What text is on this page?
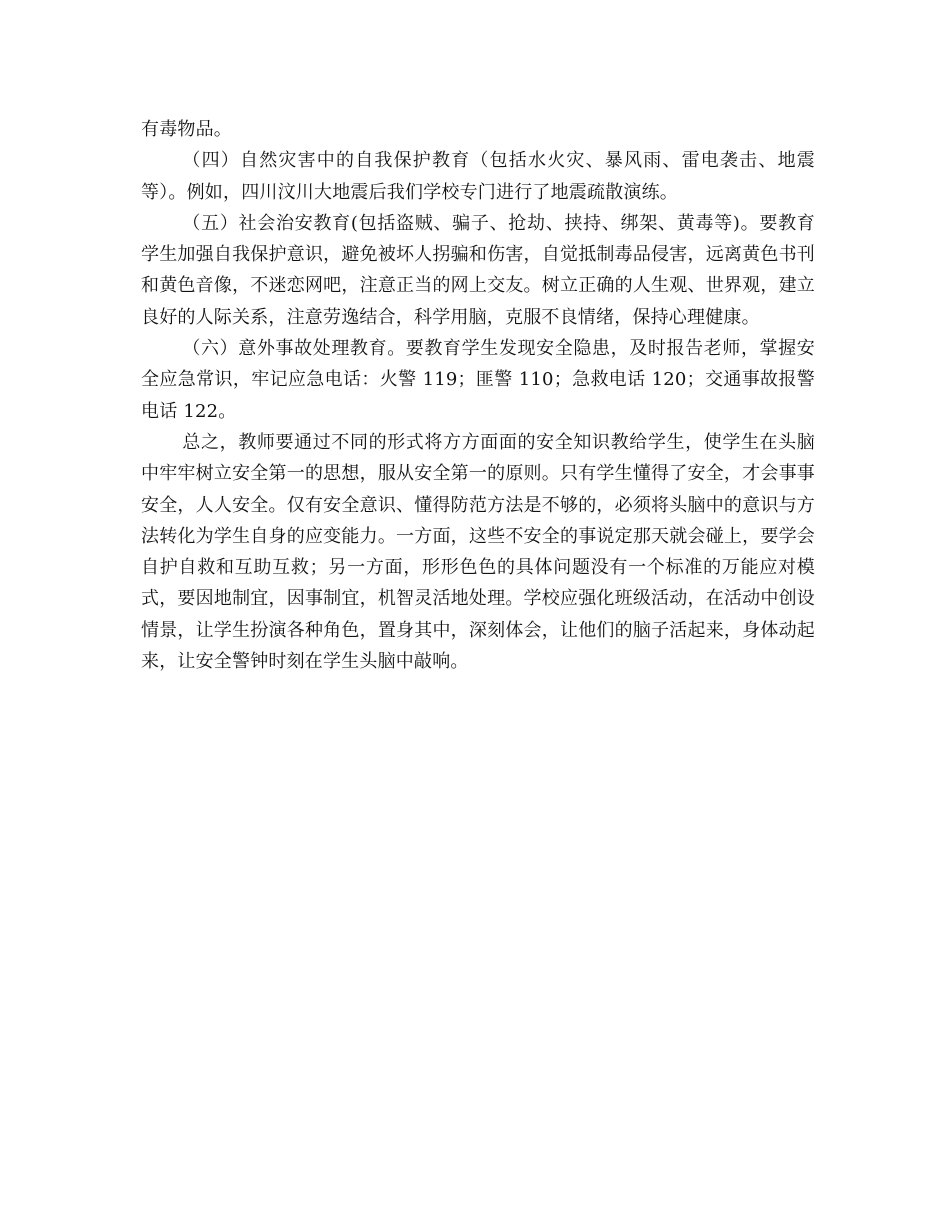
有毒物品。

（四）自然灾害中的自我保护教育（包括水火灾、暴风雨、雷电袭击、地震等）。例如，四川汶川大地震后我们学校专门进行了地震疏散演练。

（五）社会治安教育(包括盗贼、骗子、抢劫、挟持、绑架、黄毒等)。要教育学生加强自我保护意识，避免被坏人拐骗和伤害，自觉抵制毒品侵害，远离黄色书刊和黄色音像，不迷恋网吧，注意正当的网上交友。树立正确的人生观、世界观，建立良好的人际关系，注意劳逸结合，科学用脑，克服不良情绪，保持心理健康。

（六）意外事故处理教育。要教育学生发现安全隐患，及时报告老师，掌握安全应急常识，牢记应急电话：火警 119；匪警 110；急救电话 120；交通事故报警电话 122。

总之，教师要通过不同的形式将方方面面的安全知识教给学生，使学生在头脑中牢牢树立安全第一的思想，服从安全第一的原则。只有学生懂得了安全，才会事事安全，人人安全。仅有安全意识、懂得防范方法是不够的，必须将头脑中的意识与方法转化为学生自身的应变能力。一方面，这些不安全的事说定那天就会碰上，要学会自护自救和互助互救；另一方面，形形色色的具体问题没有一个标准的万能应对模式，要因地制宜，因事制宜，机智灵活地处理。学校应强化班级活动，在活动中创设情景，让学生扮演各种角色，置身其中，深刻体会，让他们的脑子活起来，身体动起来，让安全警钟时刻在学生头脑中敲响。
